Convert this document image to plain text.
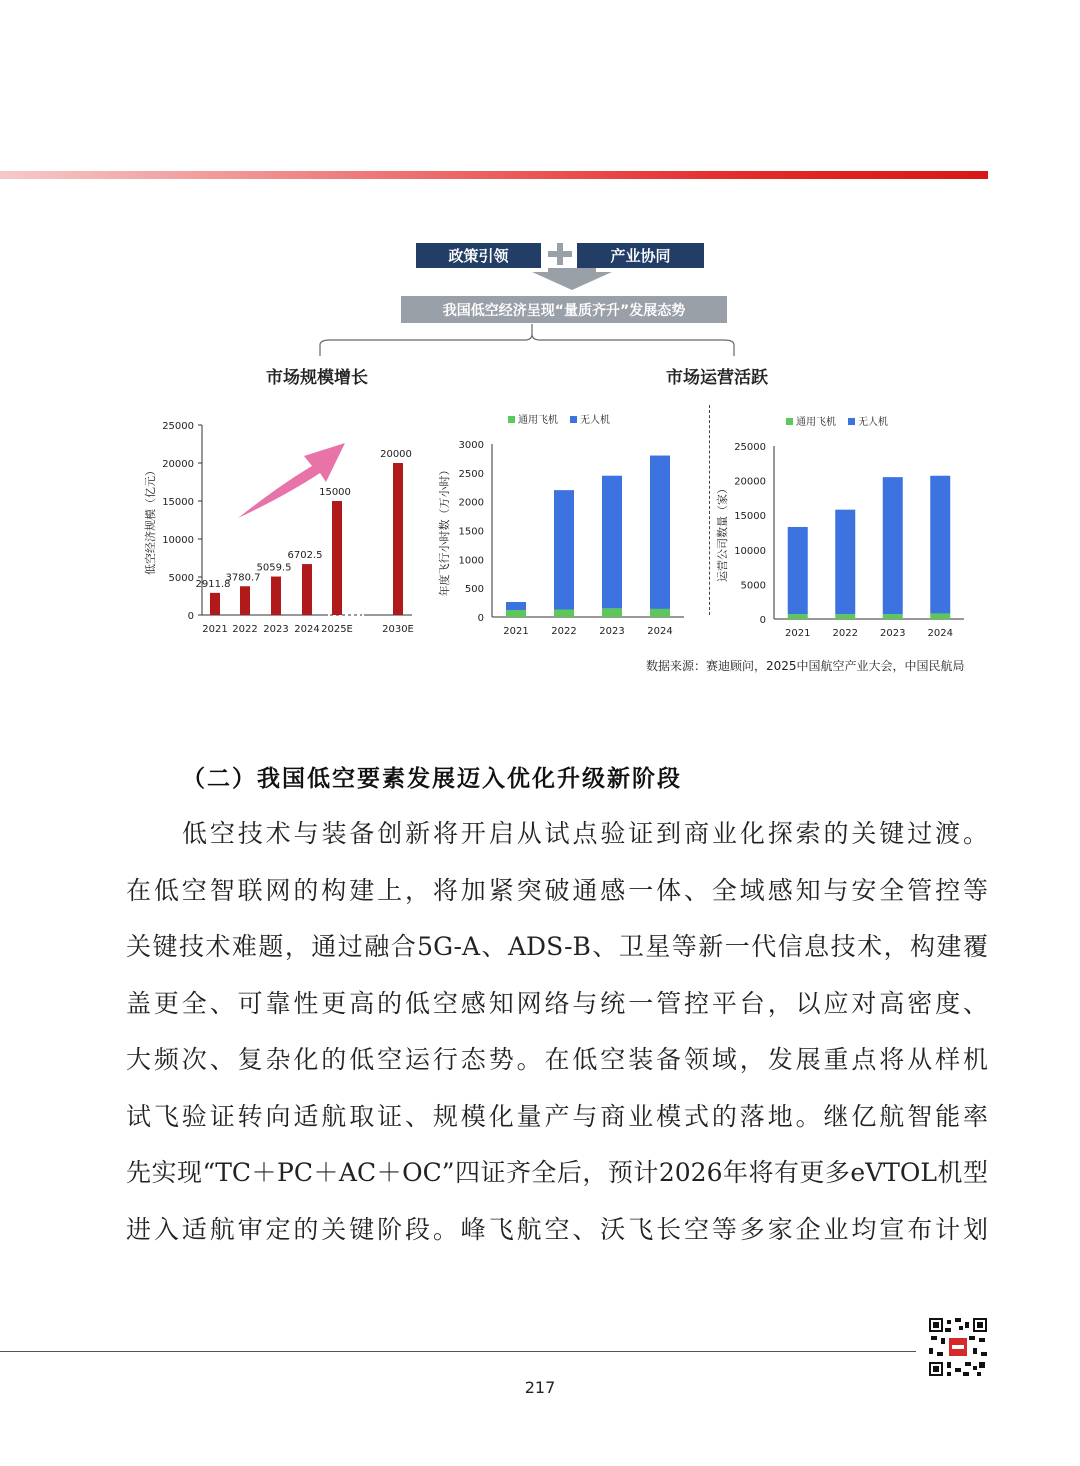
政策引领	产业协同
我国低空经济呈现“量质齐升”发展态势
市场规模增长	市场运营活跃
0
5000
10000
15000
20000
25000
低空经济规模（亿元）
2021
2911.8
2022
3780.7
2023
5059.5
2024
6702.5
2025E
15000
2030E
20000
0
500
1000
1500
2000
2500
3000
年度飞行小时数（万小时）
通用飞机 无人机
2021 2022 2023 2024
0
5000
10000
15000
20000
25000
运营公司数量（家）
通用飞机 无人机
2021 2022 2023 2024
数据来源：赛迪顾问，2025中国航空产业大会，中国民航局
（二）我国低空要素发展迈入优化升级新阶段
低空技术与装备创新将开启从试点验证到商业化探索的关键过渡。
在低空智联网的构建上，将加紧突破通感一体、全域感知与安全管控等
关键技术难题，通过融合5G-A、ADS-B、卫星等新一代信息技术，构建覆
盖更全、可靠性更高的低空感知网络与统一管控平台，以应对高密度、
大频次、复杂化的低空运行态势。在低空装备领域，发展重点将从样机
试飞验证转向适航取证、规模化量产与商业模式的落地。继亿航智能率
先实现“TC＋PC＋AC＋OC”四证齐全后，预计2026年将有更多eVTOL机型
进入适航审定的关键阶段。峰飞航空、沃飞长空等多家企业均宣布计划
217
